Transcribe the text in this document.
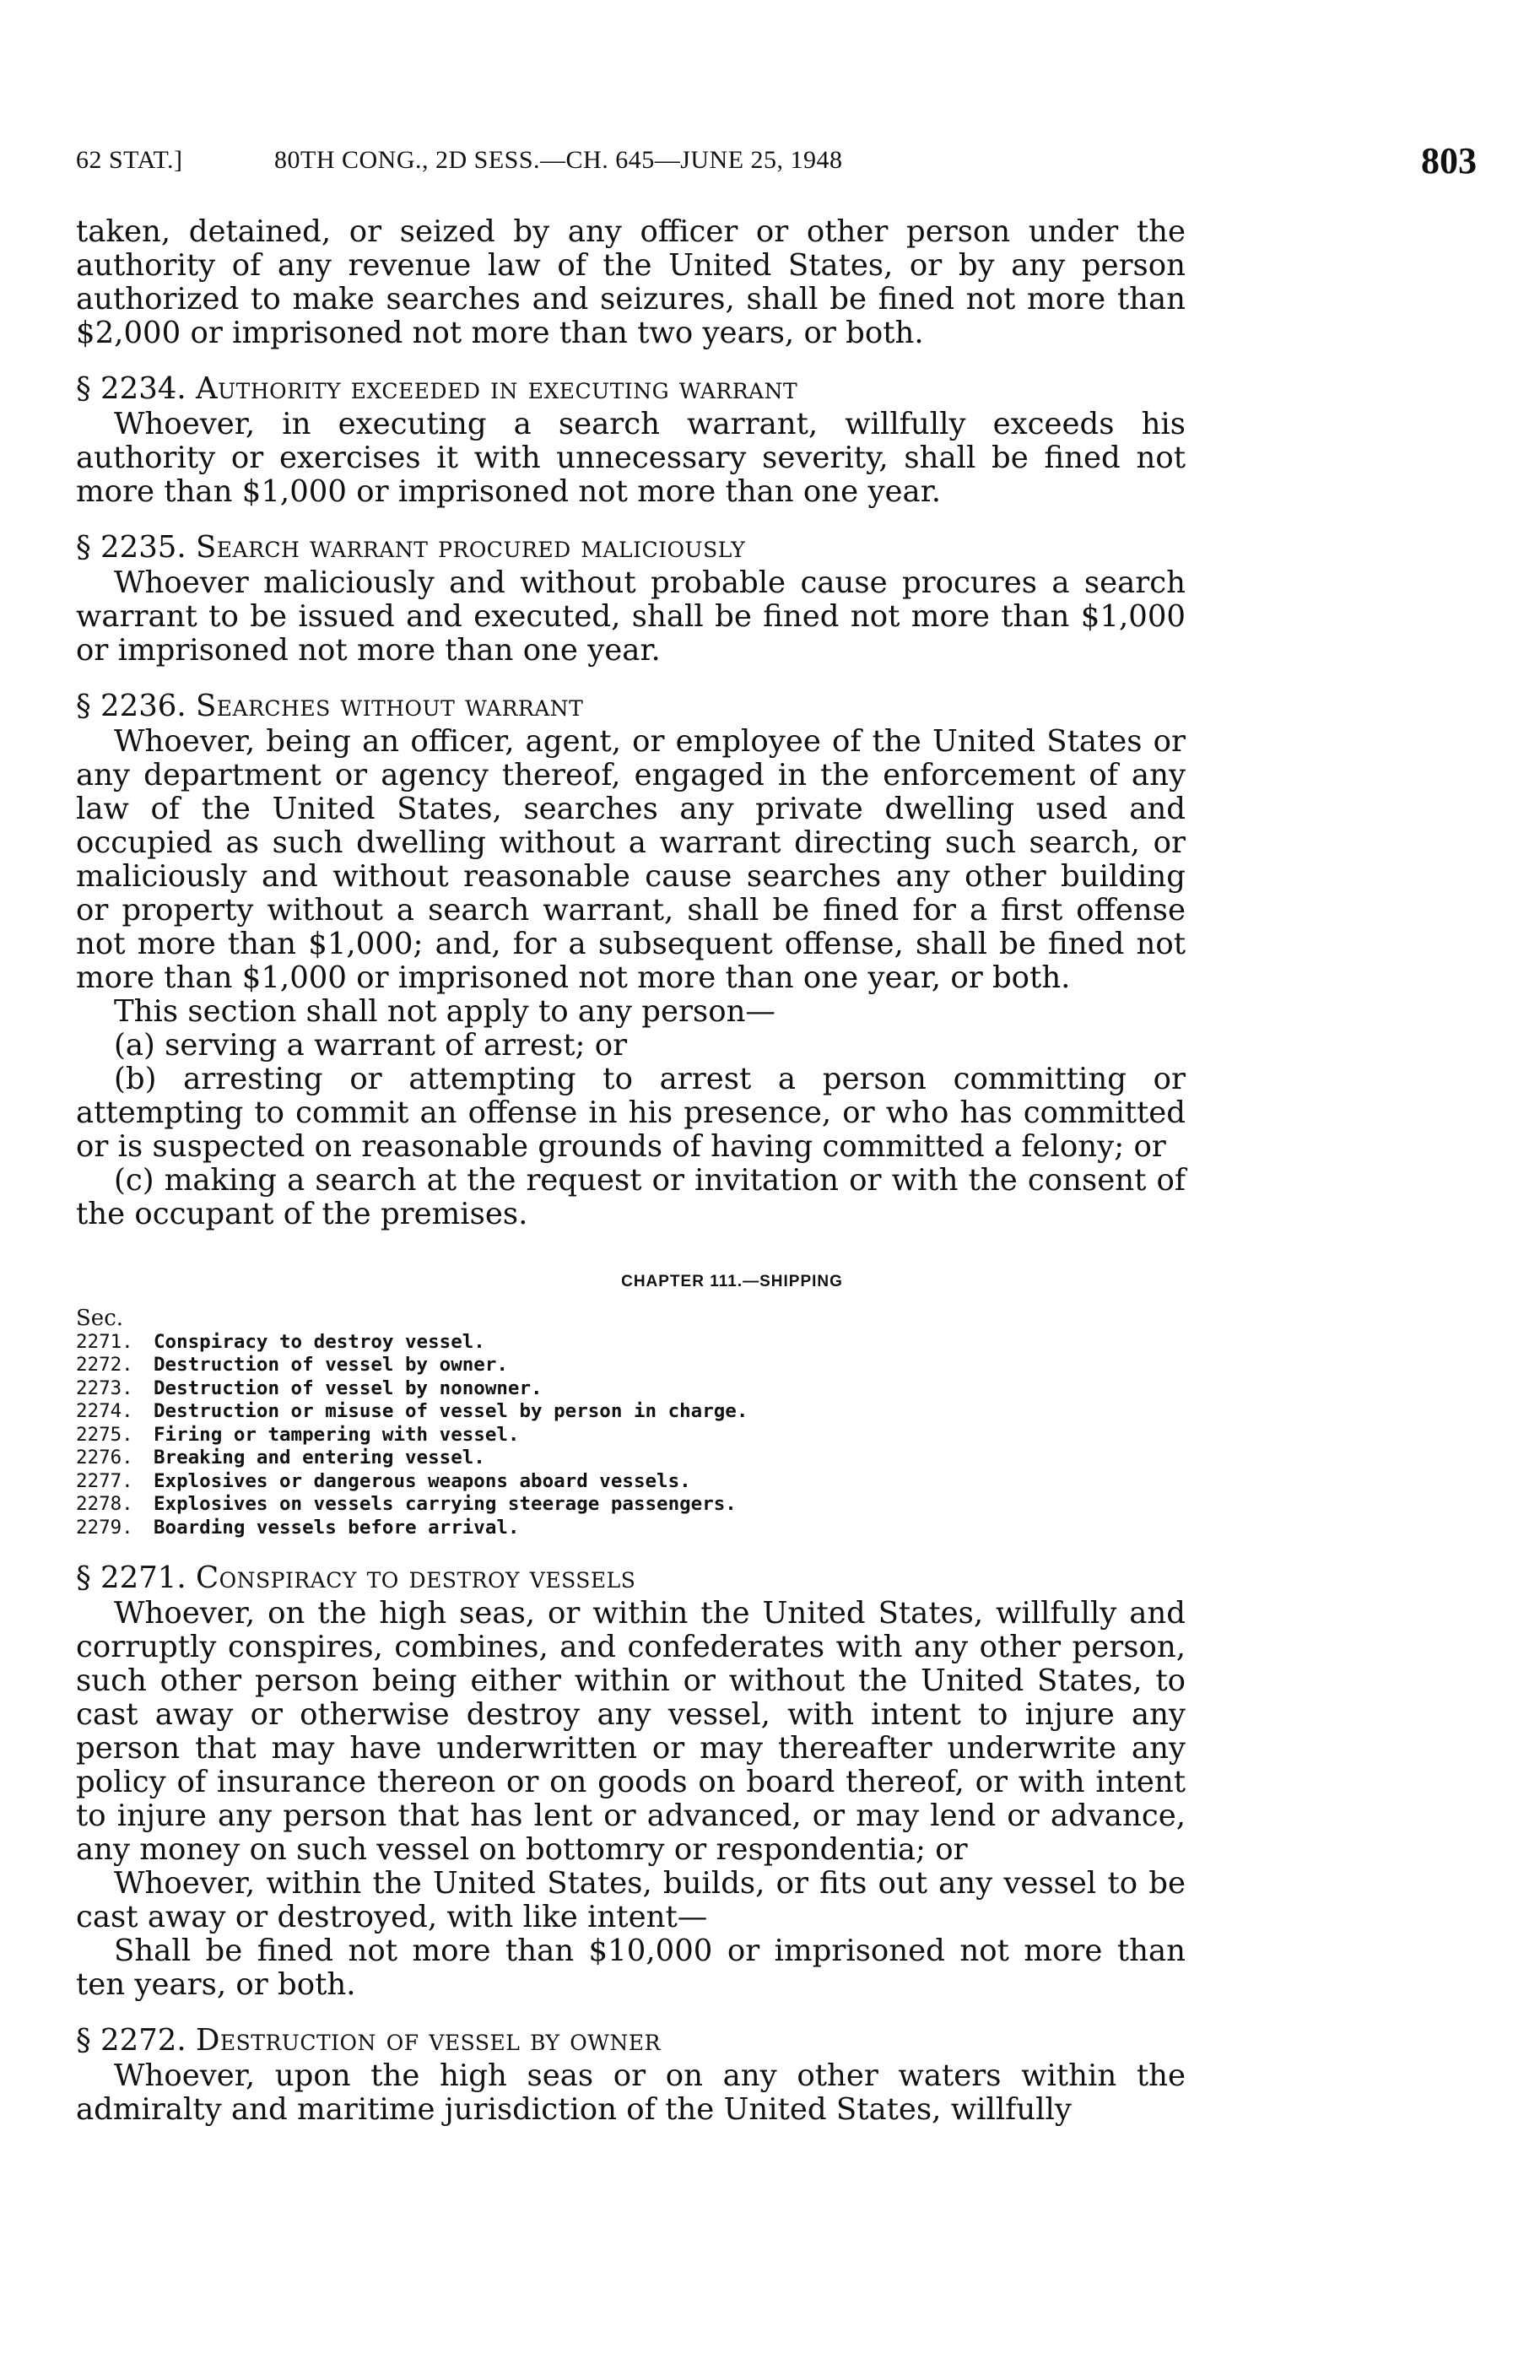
62 STAT.]	80TH CONG., 2D SESS.—CH. 645—JUNE 25, 1948	803

taken, detained, or seized by any officer or other person under the authority of any revenue law of the United States, or by any person authorized to make searches and seizures, shall be fined not more than $2,000 or imprisoned not more than two years, or both.

§ 2234. Authority exceeded in executing warrant

Whoever, in executing a search warrant, willfully exceeds his authority or exercises it with unnecessary severity, shall be fined not more than $1,000 or imprisoned not more than one year.

§ 2235. Search warrant procured maliciously

Whoever maliciously and without probable cause procures a search warrant to be issued and executed, shall be fined not more than $1,000 or imprisoned not more than one year.

§ 2236. Searches without warrant

Whoever, being an officer, agent, or employee of the United States or any department or agency thereof, engaged in the enforcement of any law of the United States, searches any private dwelling used and occupied as such dwelling without a warrant directing such search, or maliciously and without reasonable cause searches any other building or property without a search warrant, shall be fined for a first offense not more than $1,000; and, for a subsequent offense, shall be fined not more than $1,000 or imprisoned not more than one year, or both.

This section shall not apply to any person—

(a) serving a warrant of arrest; or

(b) arresting or attempting to arrest a person committing or attempting to commit an offense in his presence, or who has committed or is suspected on reasonable grounds of having committed a felony; or

(c) making a search at the request or invitation or with the consent of the occupant of the premises.

CHAPTER 111.—SHIPPING
Sec.
2271. Conspiracy to destroy vessel.
2272. Destruction of vessel by owner.
2273. Destruction of vessel by nonowner.
2274. Destruction or misuse of vessel by person in charge.
2275. Firing or tampering with vessel.
2276. Breaking and entering vessel.
2277. Explosives or dangerous weapons aboard vessels.
2278. Explosives on vessels carrying steerage passengers.
2279. Boarding vessels before arrival.
§ 2271. Conspiracy to destroy vessels

Whoever, on the high seas, or within the United States, willfully and corruptly conspires, combines, and confederates with any other person, such other person being either within or without the United States, to cast away or otherwise destroy any vessel, with intent to injure any person that may have underwritten or may thereafter underwrite any policy of insurance thereon or on goods on board thereof, or with intent to injure any person that has lent or advanced, or may lend or advance, any money on such vessel on bottomry or respondentia; or

Whoever, within the United States, builds, or fits out any vessel to be cast away or destroyed, with like intent—

Shall be fined not more than $10,000 or imprisoned not more than ten years, or both.

§ 2272. Destruction of vessel by owner

Whoever, upon the high seas or on any other waters within the admiralty and maritime jurisdiction of the United States, willfully
